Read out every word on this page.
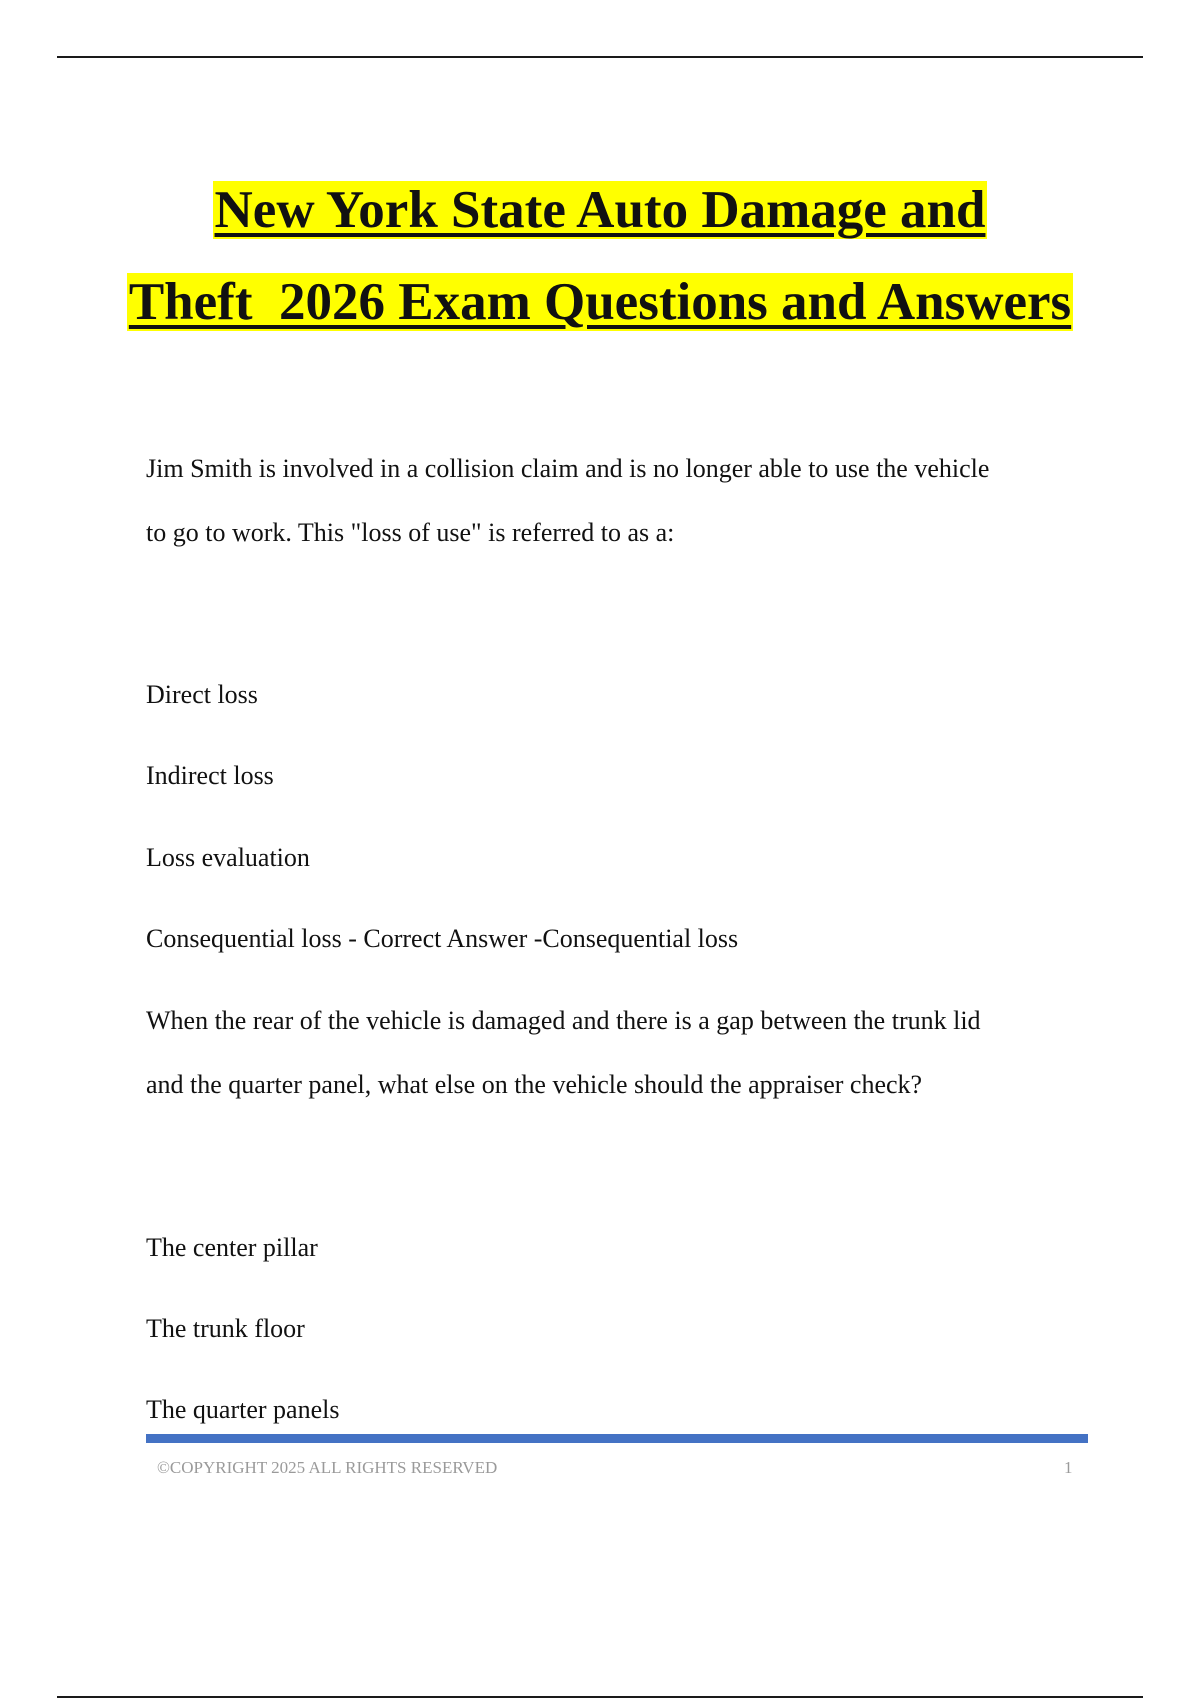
New York State Auto Damage and
Theft  2026 Exam Questions and Answers
Jim Smith is involved in a collision claim and is no longer able to use the vehicle
to go to work. This "loss of use" is referred to as a:
Direct loss
Indirect loss
Loss evaluation
Consequential loss - Correct Answer -Consequential loss
When the rear of the vehicle is damaged and there is a gap between the trunk lid
and the quarter panel, what else on the vehicle should the appraiser check?
The center pillar
The trunk floor
The quarter panels
©COPYRIGHT 2025 ALL RIGHTS RESERVED	1
